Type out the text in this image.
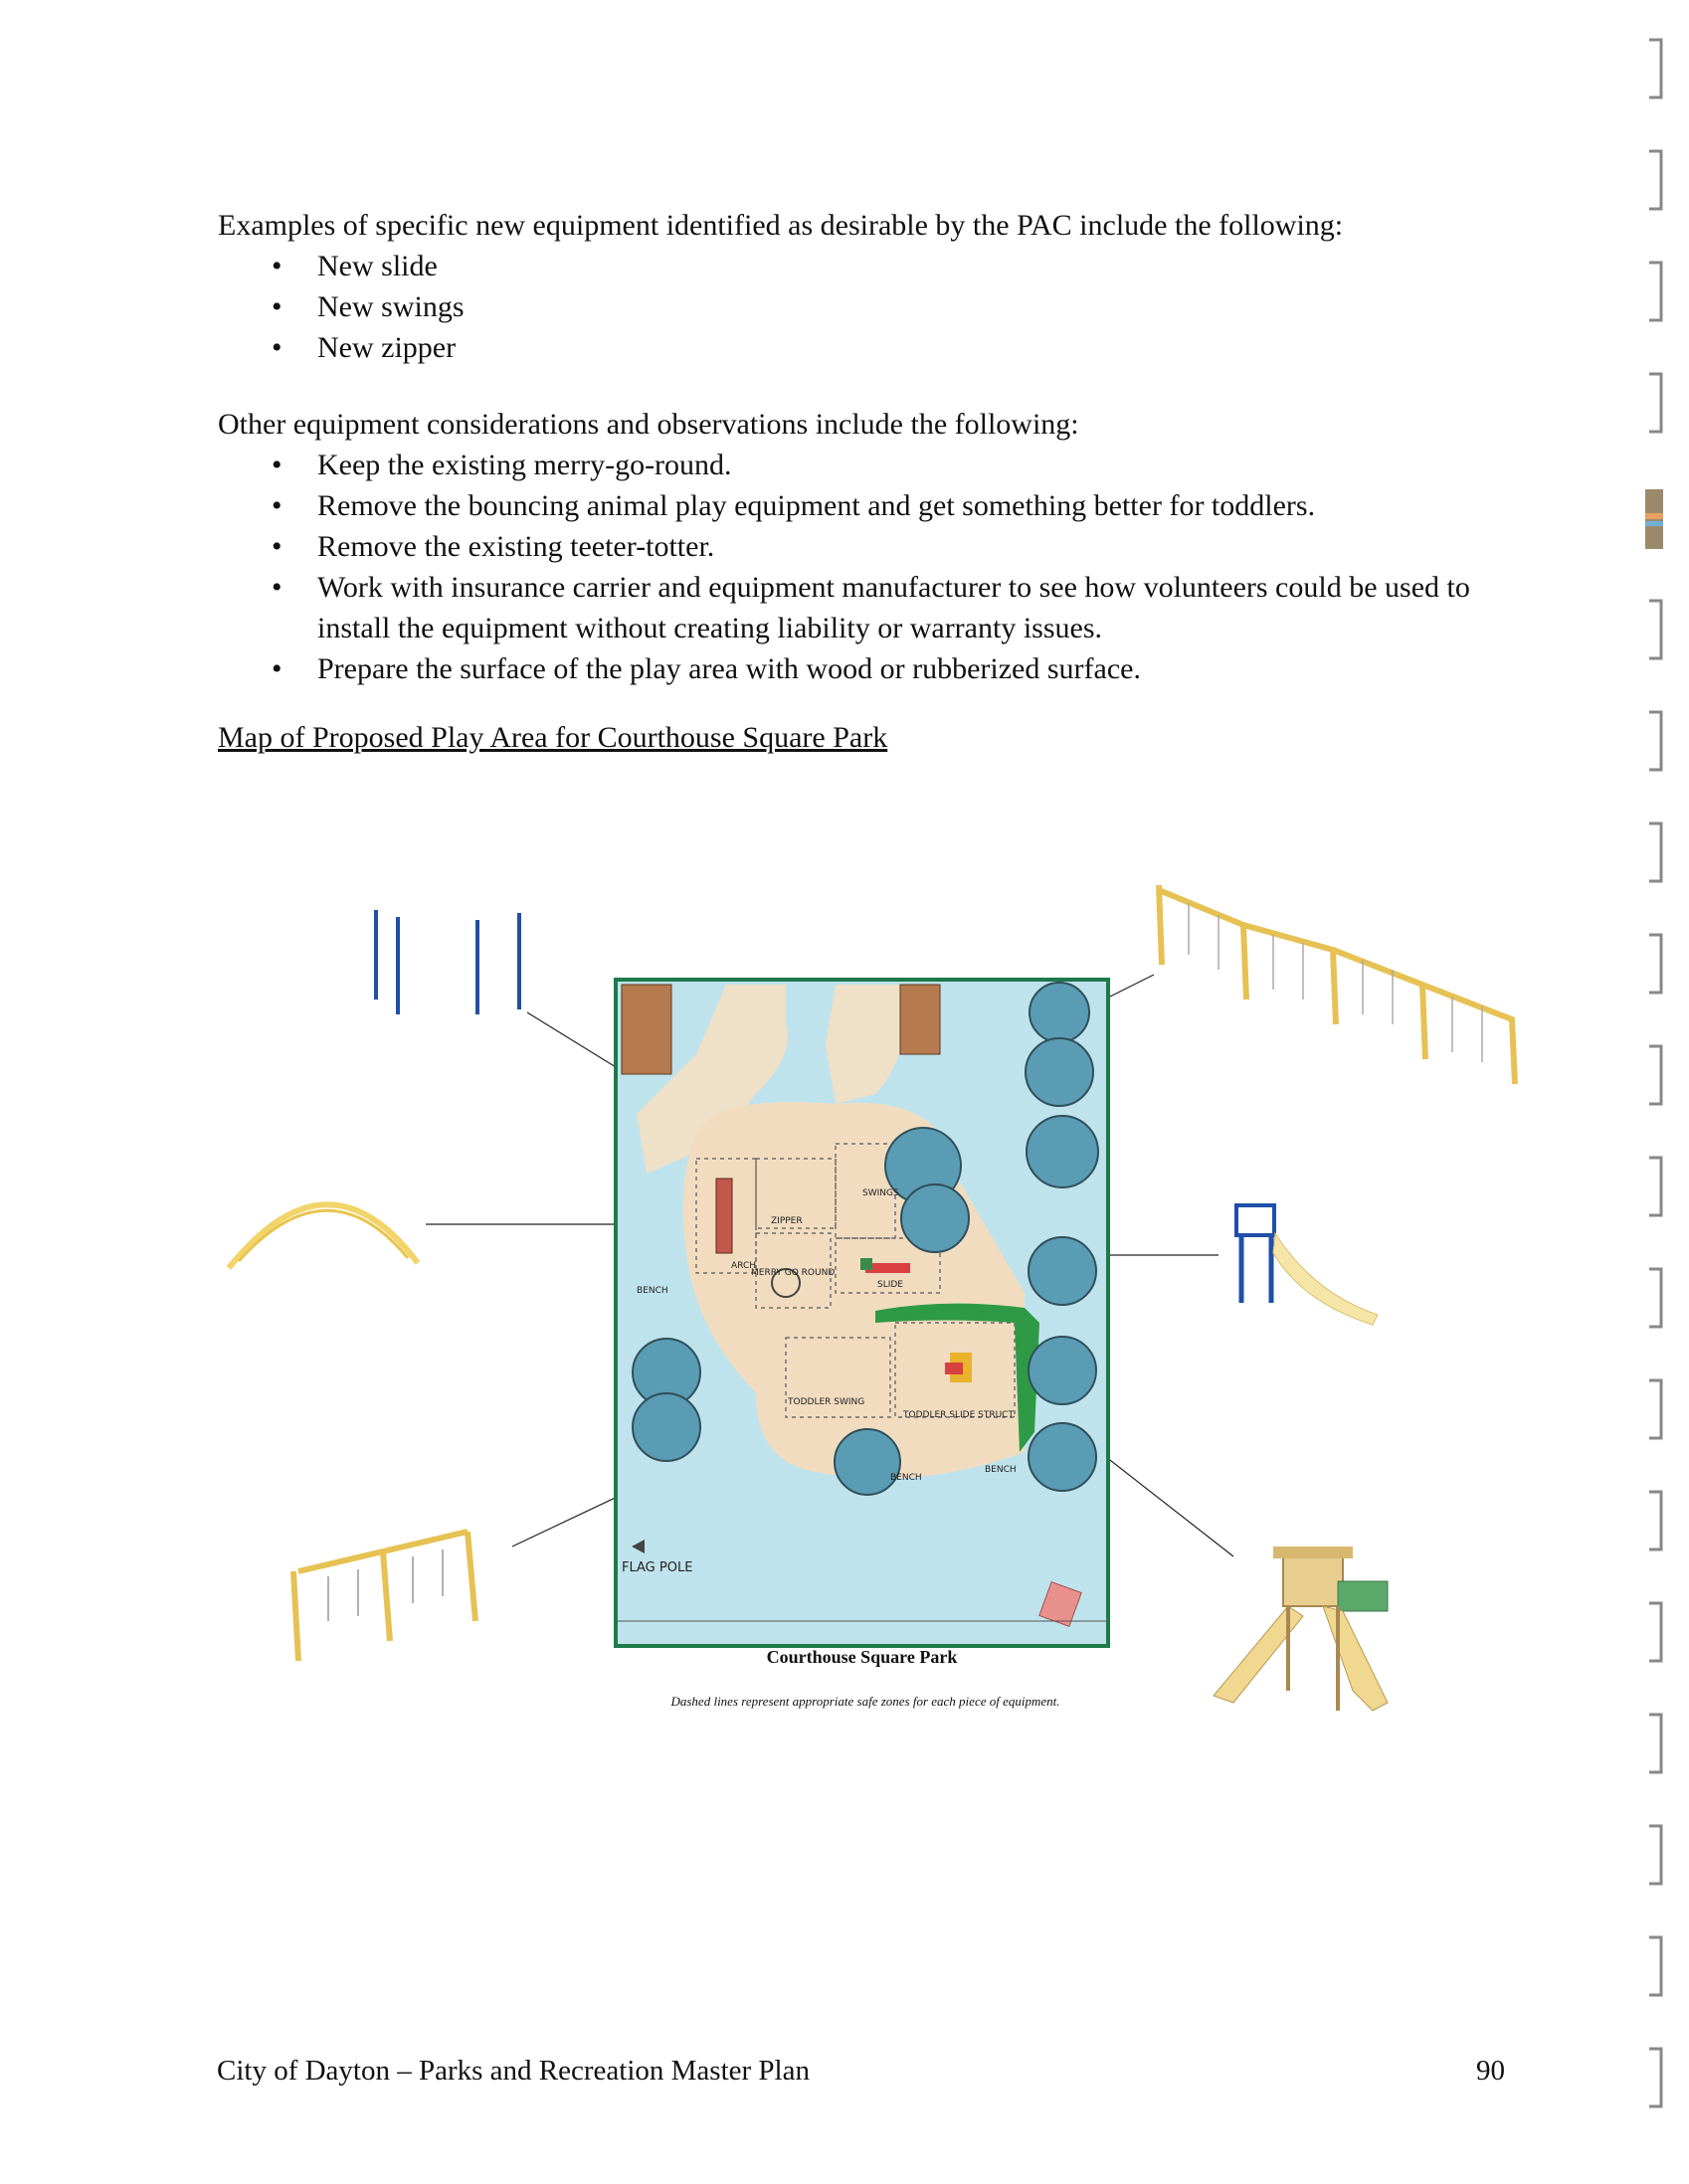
Examples of specific new equipment identified as desirable by the PAC include the following:

• New slide
• New swings
• New zipper

Other equipment considerations and observations include the following:

• Keep the existing merry-go-round.
• Remove the bouncing animal play equipment and get something better for toddlers.
• Remove the existing teeter-totter.
• Work with insurance carrier and equipment manufacturer to see how volunteers could be used to install the equipment without creating liability or warranty issues.
• Prepare the surface of the play area with wood or rubberized surface.
Map of Proposed Play Area for Courthouse Square Park
BENCH
ARCH
ZIPPER
SWINGS
MERRY GO ROUND
SLIDE
TODDLER SWING
TODDLER SLIDE STRUCT.
BENCH
BENCH
FLAG POLE
Courthouse Square Park
Dashed lines represent appropriate safe zones for each piece of equipment.
City of Dayton – Parks and Recreation Master Plan	90
